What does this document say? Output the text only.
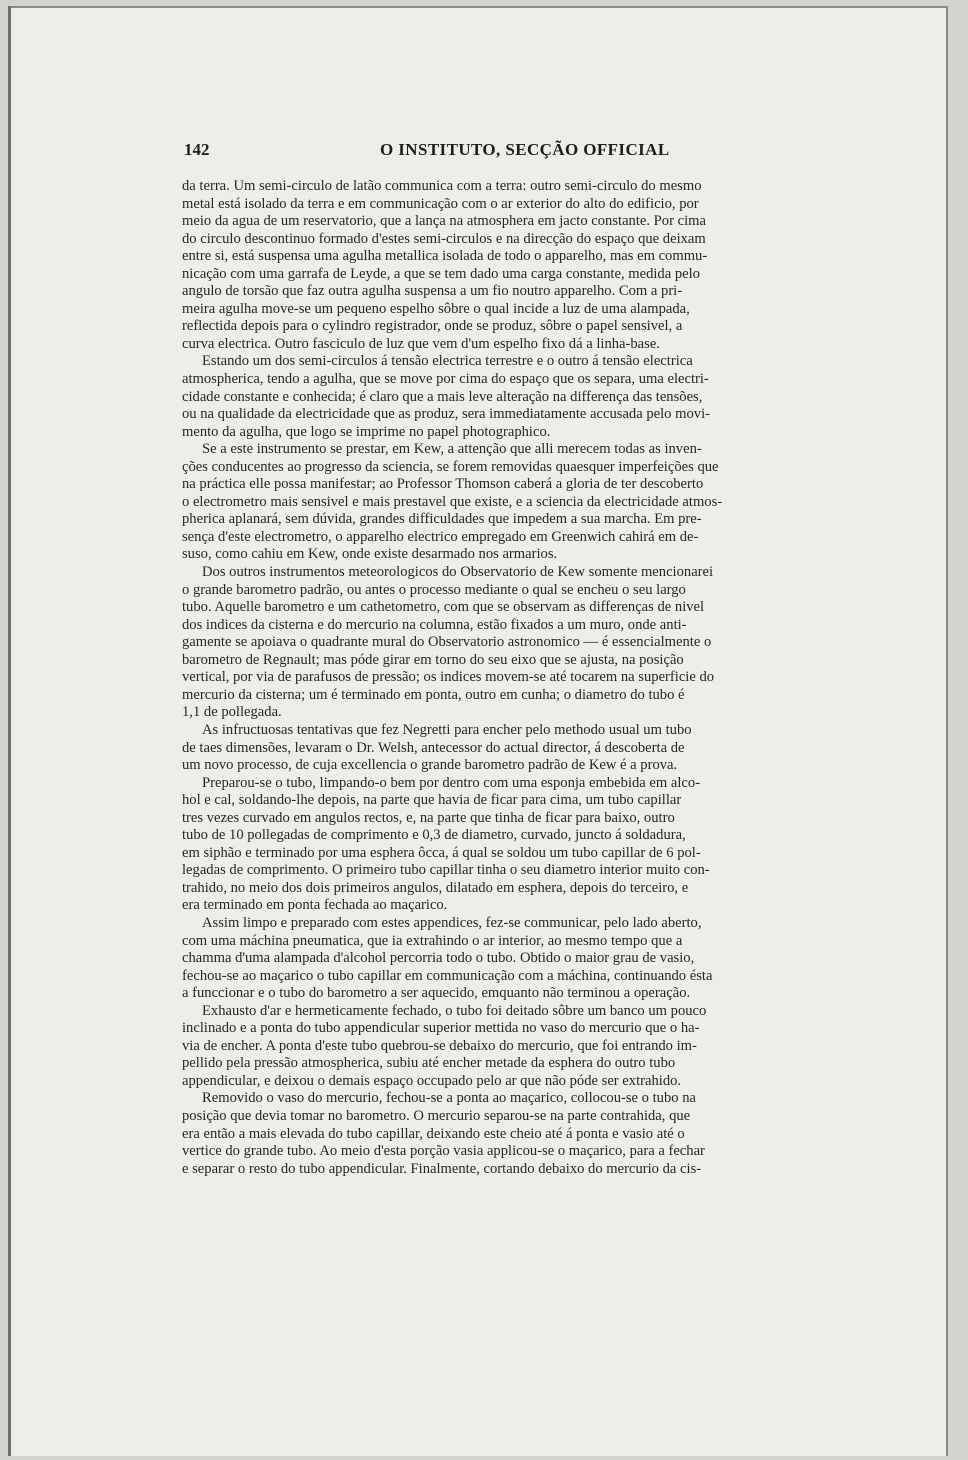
142	O INSTITUTO, SECÇÃO OFFICIAL
da terra. Um semi-circulo de latão communica com a terra: outro semi-circulo do mesmo
metal está isolado da terra e em communicação com o ar exterior do alto do edificio, por
meio da agua de um reservatorio, que a lança na atmosphera em jacto constante. Por cima
do circulo descontinuo formado d'estes semi-circulos e na direcção do espaço que deixam
entre si, está suspensa uma agulha metallica isolada de todo o apparelho, mas em commu-
nicação com uma garrafa de Leyde, a que se tem dado uma carga constante, medida pelo
angulo de torsão que faz outra agulha suspensa a um fio noutro apparelho. Com a pri-
meira agulha move-se um pequeno espelho sôbre o qual incide a luz de uma alampada,
reflectida depois para o cylindro registrador, onde se produz, sôbre o papel sensivel, a
curva electrica. Outro fasciculo de luz que vem d'um espelho fixo dá a linha-base.
Estando um dos semi-circulos á tensão electrica terrestre e o outro á tensão electrica
atmospherica, tendo a agulha, que se move por cima do espaço que os separa, uma electri-
cidade constante e conhecida; é claro que a mais leve alteração na differença das tensões,
ou na qualidade da electricidade que as produz, sera immediatamente accusada pelo movi-
mento da agulha, que logo se imprime no papel photographico.
Se a este instrumento se prestar, em Kew, a attenção que alli merecem todas as inven-
ções conducentes ao progresso da sciencia, se forem removidas quaesquer imperfeições que
na práctica elle possa manifestar; ao Professor Thomson caberá a gloria de ter descoberto
o electrometro mais sensivel e mais prestavel que existe, e a sciencia da electricidade atmos-
pherica aplanará, sem dúvida, grandes difficuldades que impedem a sua marcha. Em pre-
sença d'este electrometro, o apparelho electrico empregado em Greenwich cahirá em de-
suso, como cahiu em Kew, onde existe desarmado nos armarios.
Dos outros instrumentos meteorologicos do Observatorio de Kew somente mencionarei
o grande barometro padrão, ou antes o processo mediante o qual se encheu o seu largo
tubo. Aquelle barometro e um cathetometro, com que se observam as differenças de nivel
dos indices da cisterna e do mercurio na columna, estão fixados a um muro, onde anti-
gamente se apoiava o quadrante mural do Observatorio astronomico — é essencialmente o
barometro de Regnault; mas póde girar em torno do seu eixo que se ajusta, na posição
vertical, por via de parafusos de pressão; os indices movem-se até tocarem na superficie do
mercurio da cisterna; um é terminado em ponta, outro em cunha; o diametro do tubo é
1,1 de pollegada.
As infructuosas tentativas que fez Negretti para encher pelo methodo usual um tubo
de taes dimensões, levaram o Dr. Welsh, antecessor do actual director, á descoberta de
um novo processo, de cuja excellencia o grande barometro padrão de Kew é a prova.
Preparou-se o tubo, limpando-o bem por dentro com uma esponja embebida em alco-
hol e cal, soldando-lhe depois, na parte que havia de ficar para cima, um tubo capillar
tres vezes curvado em angulos rectos, e, na parte que tinha de ficar para baixo, outro
tubo de 10 pollegadas de comprimento e 0,3 de diametro, curvado, juncto á soldadura,
em siphão e terminado por uma esphera ôcca, á qual se soldou um tubo capillar de 6 pol-
legadas de comprimento. O primeiro tubo capillar tinha o seu diametro interior muito con-
trahido, no meio dos dois primeiros angulos, dilatado em esphera, depois do terceiro, e
era terminado em ponta fechada ao maçarico.
Assim limpo e preparado com estes appendices, fez-se communicar, pelo lado aberto,
com uma máchina pneumatica, que ia extrahindo o ar interior, ao mesmo tempo que a
chamma d'uma alampada d'alcohol percorria todo o tubo. Obtido o maior grau de vasio,
fechou-se ao maçarico o tubo capillar em communicação com a máchina, continuando ésta
a funccionar e o tubo do barometro a ser aquecido, emquanto não terminou a operação.
Exhausto d'ar e hermeticamente fechado, o tubo foi deitado sôbre um banco um pouco
inclinado e a ponta do tubo appendicular superior mettida no vaso do mercurio que o ha-
via de encher. A ponta d'este tubo quebrou-se debaixo do mercurio, que foi entrando im-
pellido pela pressão atmospherica, subiu até encher metade da esphera do outro tubo
appendicular, e deixou o demais espaço occupado pelo ar que não póde ser extrahido.
Removido o vaso do mercurio, fechou-se a ponta ao maçarico, collocou-se o tubo na
posição que devia tomar no barometro. O mercurio separou-se na parte contrahida, que
era então a mais elevada do tubo capillar, deixando este cheio até á ponta e vasio até o
vertice do grande tubo. Ao meio d'esta porção vasia applicou-se o maçarico, para a fechar
e separar o resto do tubo appendicular. Finalmente, cortando debaixo do mercurio da cis-
